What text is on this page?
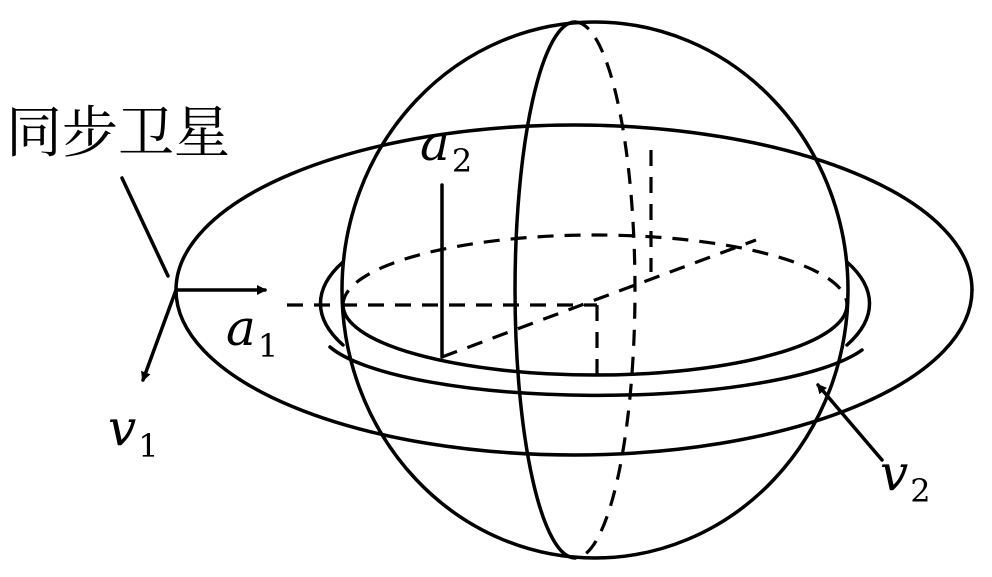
同步卫星	a2
a1
v1	v2
